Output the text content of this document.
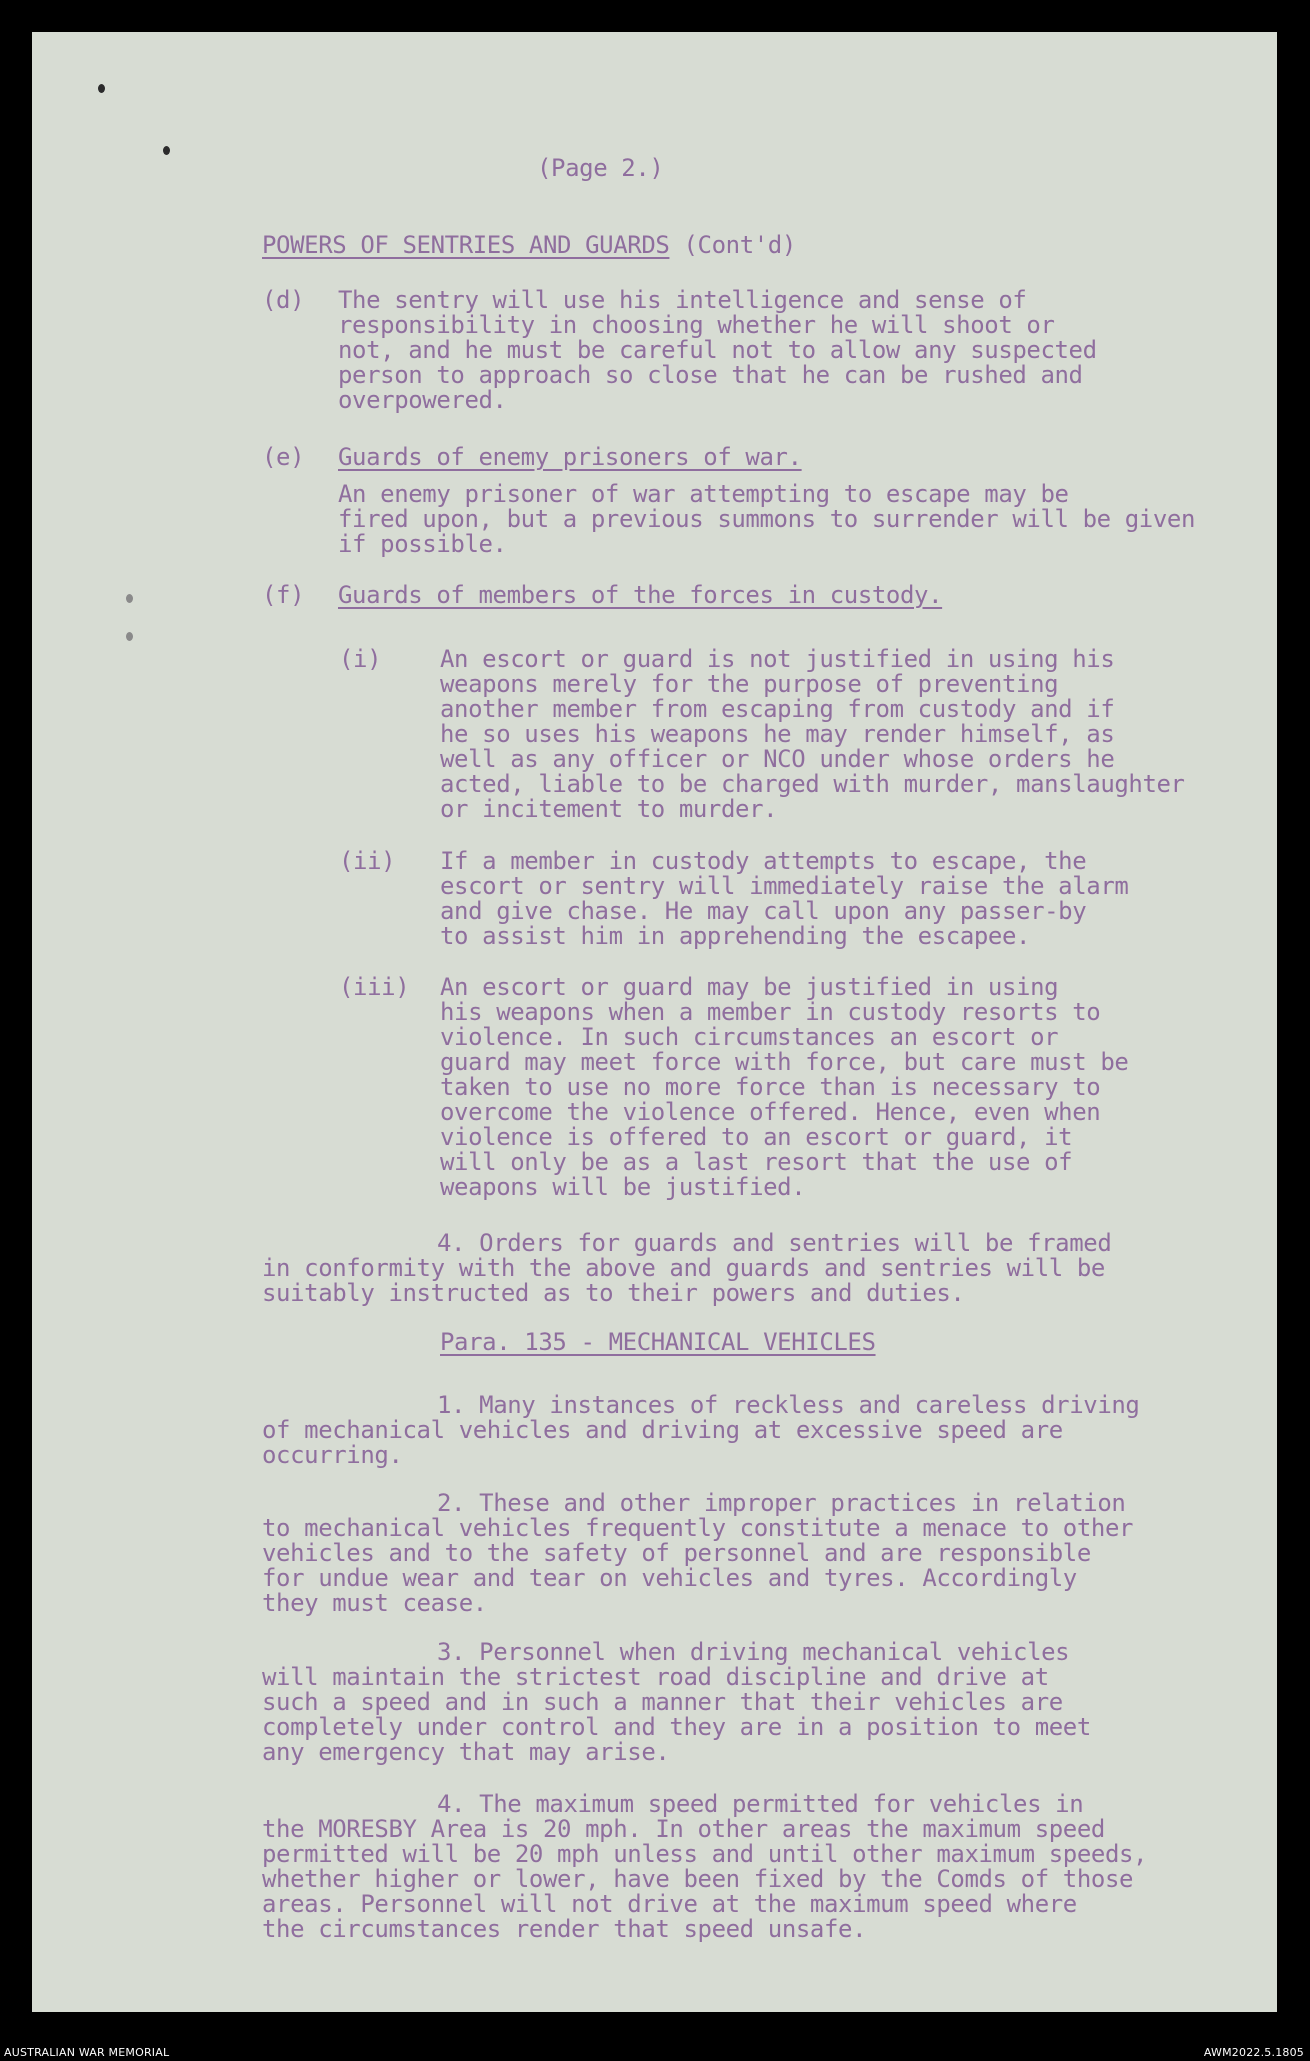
(Page 2.)
POWERS OF SENTRIES AND GUARDS (Cont'd)
(d) The sentry will use his intelligence and sense of
responsibility in choosing whether he will shoot or
not, and he must be careful not to allow any suspected
person to approach so close that he can be rushed and
overpowered.
(e) Guards of enemy prisoners of war.
An enemy prisoner of war attempting to escape may be
fired upon, but a previous summons to surrender will be given
if possible.
(f) Guards of members of the forces in custody.
(i) An escort or guard is not justified in using his
weapons merely for the purpose of preventing
another member from escaping from custody and if
he so uses his weapons he may render himself, as
well as any officer or NCO under whose orders he
acted, liable to be charged with murder, manslaughter
or incitement to murder.
(ii) If a member in custody attempts to escape, the
escort or sentry will immediately raise the alarm
and give chase. He may call upon any passer-by
to assist him in apprehending the escapee.
(iii) An escort or guard may be justified in using
his weapons when a member in custody resorts to
violence. In such circumstances an escort or
guard may meet force with force, but care must be
taken to use no more force than is necessary to
overcome the violence offered. Hence, even when
violence is offered to an escort or guard, it
will only be as a last resort that the use of
weapons will be justified.
4. Orders for guards and sentries will be framed
in conformity with the above and guards and sentries will be
suitably instructed as to their powers and duties.
Para. 135 - MECHANICAL VEHICLES
1. Many instances of reckless and careless driving
of mechanical vehicles and driving at excessive speed are
occurring.
2. These and other improper practices in relation
to mechanical vehicles frequently constitute a menace to other
vehicles and to the safety of personnel and are responsible
for undue wear and tear on vehicles and tyres. Accordingly
they must cease.
3. Personnel when driving mechanical vehicles
will maintain the strictest road discipline and drive at
such a speed and in such a manner that their vehicles are
completely under control and they are in a position to meet
any emergency that may arise.
4. The maximum speed permitted for vehicles in
the MORESBY Area is 20 mph. In other areas the maximum speed
permitted will be 20 mph unless and until other maximum speeds,
whether higher or lower, have been fixed by the Comds of those
areas. Personnel will not drive at the maximum speed where
the circumstances render that speed unsafe.
AUSTRALIAN WAR MEMORIAL	AWM2022.5.1805
